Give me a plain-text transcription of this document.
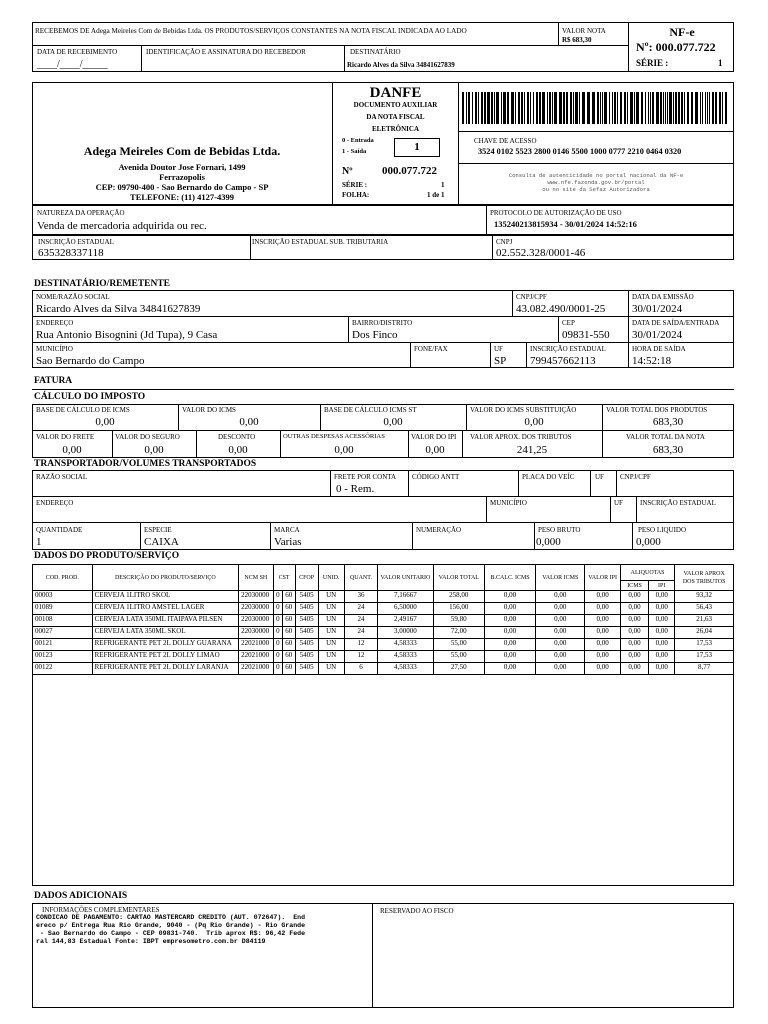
RECEBEMOS DE Adega Meireles Com de Bebidas Ltda. OS PRODUTOS/SERVIÇOS CONSTANTES NA NOTA FISCAL INDICADA AO LADO	VALOR NOTA
R$ 683,30
DATA DE RECEBIMENTO
____/____/_____
IDENTIFICAÇÃO E ASSINATURA DO RECEBEDOR	DESTINATÁRIO
Ricardo Alves da Silva 34841627839
NF-e
Nº: 000.077.722
SÉRIE :	1
Adega Meireles Com de Bebidas Ltda.
Avenida Doutor Jose Fornari, 1499
Ferrazopolis
CEP: 09790-400 - Sao Bernardo do Campo - SP
TELEFONE: (11) 4127-4399
DANFE
DOCUMENTO AUXILIAR
DA NOTA FISCAL
ELETRÔNICA
0 - Entrada
1 - Saída	1
Nº	000.077.722
SÉRIE :	1
FOLHA:	1 de 1
CHAVE DE ACESSO
3524 0102 5523 2800 0146 5500 1000 0777 2210 0464 0320
Consulta de autenticidade no portal nacional da NF-e
www.nfe.fazenda.gov.br/portal
ou no site da Sefaz Autorizadora
NATUREZA DA OPERAÇÃO
Venda de mercadoria adquirida ou rec.
PROTOCOLO DE AUTORIZAÇÃO DE USO
135240213815934 - 30/01/2024 14:52:16
INSCRIÇÃO ESTADUAL
635328337118
INSCRIÇÃO ESTADUAL SUB. TRIBUTARIA	CNPJ
02.552.328/0001-46
DESTINATÁRIO/REMETENTE
NOME/RAZÃO SOCIAL
Ricardo Alves da Silva 34841627839
CNPJ/CPF
43.082.490/0001-25
DATA DA EMISSÃO
30/01/2024
ENDEREÇO
Rua Antonio Bisognini (Jd Tupa), 9 Casa
BAIRRO/DISTRITO
Dos Finco
CEP
09831-550
DATA DE SAÍDA/ENTRADA
30/01/2024
MUNICÍPIO
Sao Bernardo do Campo
FONE/FAX	UF
SP
INSCRIÇÃO ESTADUAL
799457662113
HORA DE SAÍDA
14:52:18
FATURA
CÁLCULO DO IMPOSTO
BASE DE CÁLCULO DE ICMS
0,00
VALOR DO ICMS
0,00
BASE DE CÁLCULO ICMS ST
0,00
VALOR DO ICMS SUBSTITUIÇÃO
0,00
VALOR TOTAL DOS PRODUTOS
683,30
VALOR DO FRETE
0,00
VALOR DO SEGURO
0,00
DESCONTO
0,00
OUTRAS DESPESAS ACESSÓRIAS
0,00
VALOR DO IPI
0,00
VALOR APROX. DOS TRIBUTOS
241,25
VALOR TOTAL DA NOTA
683,30
TRANSPORTADOR/VOLUMES TRANSPORTADOS
RAZÃO SOCIAL	FRETE POR CONTA
0 - Rem.
CÓDIGO ANTT	PLACA DO VEÍC	UF CNPJ/CPF
ENDEREÇO	MUNICÍPIO	UF INSCRIÇÃO ESTADUAL
QUANTIDADE
1
ESPECIE
CAIXA
MARCA
Varias
NUMERAÇÃO	PESO BRUTO
0,000
PESO LIQUIDO
0,000
DADOS DO PRODUTO/SERVIÇO
COD. PROD.	DESCRIÇÃO DO PRODUTO/SERVIÇO	NCM SH	CST		CFOP	UNID.	QUANT.	VALOR UNITARIO	VALOR TOTAL	B.CALC. ICMS	VALOR ICMS	VALOR IPI	ALIQUOTAS		VALOR APROX DOS TRIBUTOS
													ICMS	IPI	
00003	CERVEJA 1LITRO SKOL	22030000	0	60	5405	UN	36	7,16667	258,00	0,00	0,00	0,00	0,00	0,00	93,32
01089	CERVEJA 1LITRO AMSTEL LAGER	22030000	0	60	5405	UN	24	6,50000	156,00	0,00	0,00	0,00	0,00	0,00	56,43
00108	CERVEJA LATA 350ML ITAIPAVA PILSEN	22030000	0	60	5405	UN	24	2,49167	59,80	0,00	0,00	0,00	0,00	0,00	21,63
00027	CERVEJA LATA 350ML SKOL	22030000	0	60	5405	UN	24	3,00000	72,00	0,00	0,00	0,00	0,00	0,00	26,04
00121	REFRIGERANTE PET 2L DOLLY GUARANA	22021000	0	60	5405	UN	12	4,58333	55,00	0,00	0,00	0,00	0,00	0,00	17,53
00123	REFRIGERANTE PET 2L DOLLY LIMAO	22021000	0	60	5405	UN	12	4,58333	55,00	0,00	0,00	0,00	0,00	0,00	17,53
00122	REFRIGERANTE PET 2L DOLLY LARANJA	22021000	0	60	5405	UN	6	4,58333	27,50	0,00	0,00	0,00	0,00	0,00	8,77
DADOS ADICIONAIS
INFORMAÇÕES COMPLEMENTARES
CONDICAO DE PAGAMENTO: CARTAO MASTERCARD CREDITO (AUT. 072647).  End
ereco p/ Entrega Rua Rio Grande, 9040 - (Pq Rio Grande) - Rio Grande
- Sao Bernardo do Campo - CEP 09831-740.  Trib aprox R$: 96,42 Fede
ral 144,83 Estadual Fonte: IBPT empresometro.com.br D84119
RESERVADO AO FISCO
